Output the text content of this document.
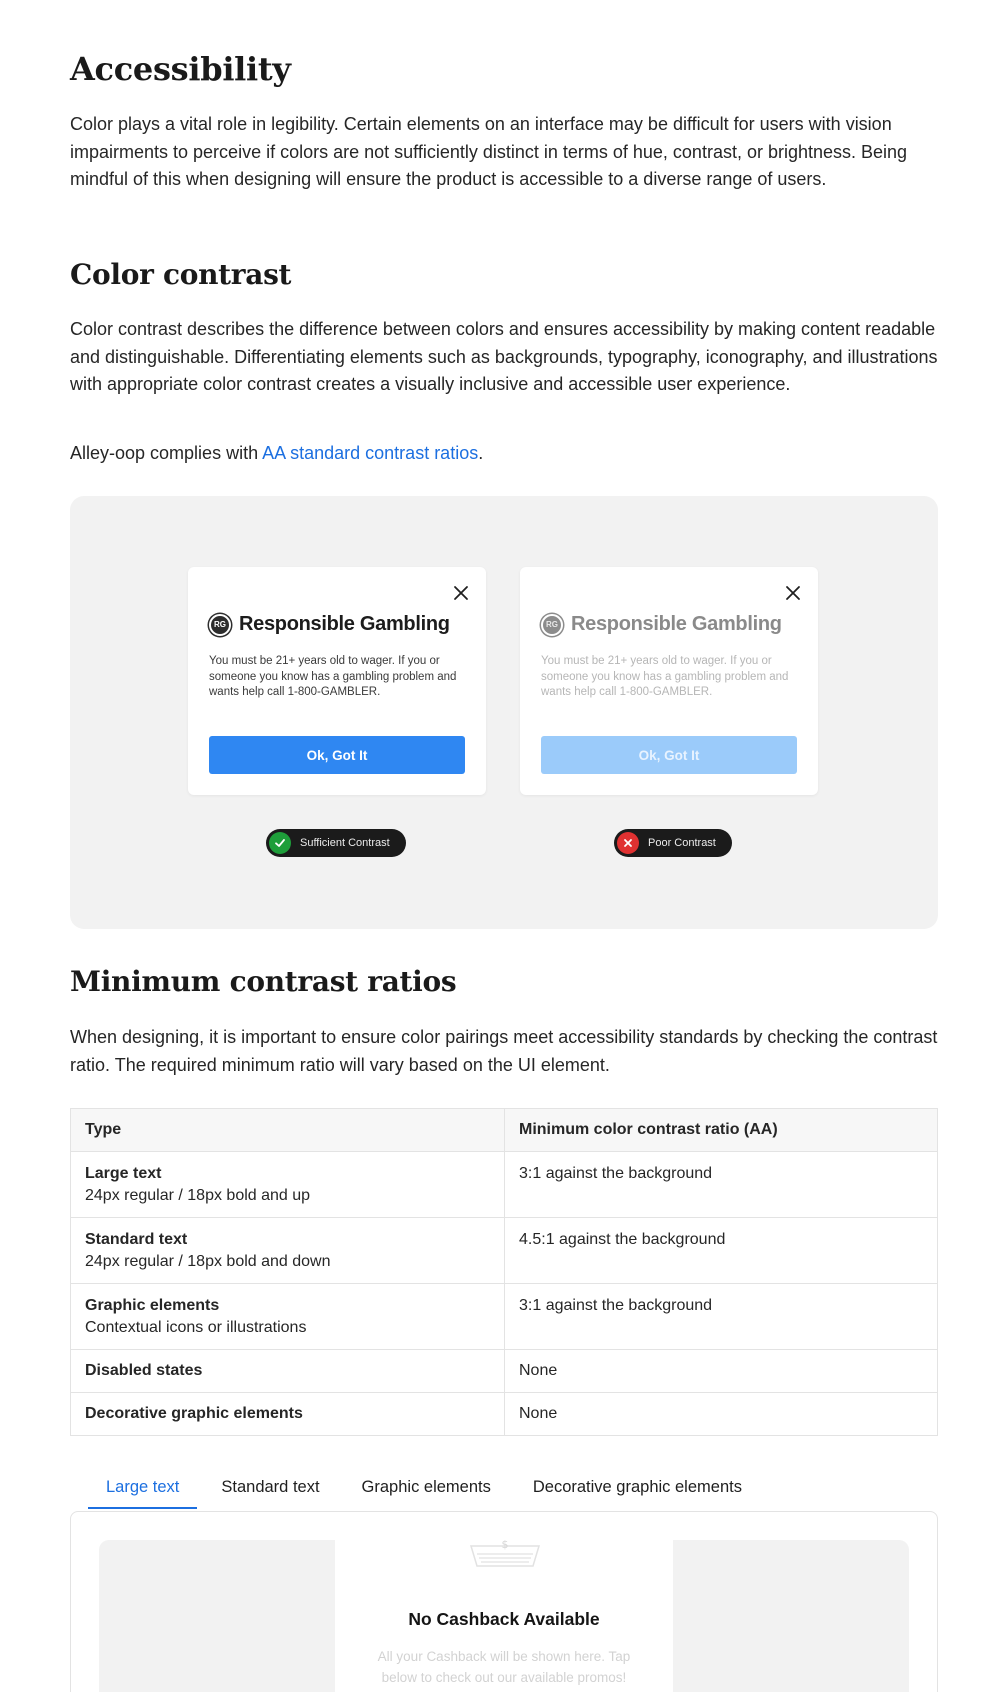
Accessibility

Color plays a vital role in legibility. Certain elements on an interface may be difficult for users with vision impairments to perceive if colors are not sufficiently distinct in terms of hue, contrast, or brightness. Being mindful of this when designing will ensure the product is accessible to a diverse range of users.

Color contrast

Color contrast describes the difference between colors and ensures accessibility by making content readable and distinguishable. Differentiating elements such as backgrounds, typography, iconography, and illustrations with appropriate color contrast creates a visually inclusive and accessible user experience.

Alley-oop complies with AA standard contrast ratios.

Minimum contrast ratios

When designing, it is important to ensure color pairings meet accessibility standards by checking the contrast ratio. The required minimum ratio will vary based on the UI element.

RG Responsible Gambling
You must be 21+ years old to wager. If you or someone you know has a gambling problem and wants help call 1-800-GAMBLER.
Ok, Got It
RG Responsible Gambling
You must be 21+ years old to wager. If you or someone you know has a gambling problem and wants help call 1-800-GAMBLER.
Ok, Got It
Sufficient Contrast	Poor Contrast
Type	Minimum color contrast ratio (AA)

Large text
24px regular / 18px bold and up	3:1 against the background

Standard text
24px regular / 18px bold and down	4.5:1 against the background

Graphic elements
Contextual icons or illustrations	3:1 against the background

Disabled states	None

Decorative graphic elements	None
Large text	Standard text	Graphic elements	Decorative graphic elements
$
No Cashback Available
All your Cashback will be shown here. Tap below to check out our available promos!
